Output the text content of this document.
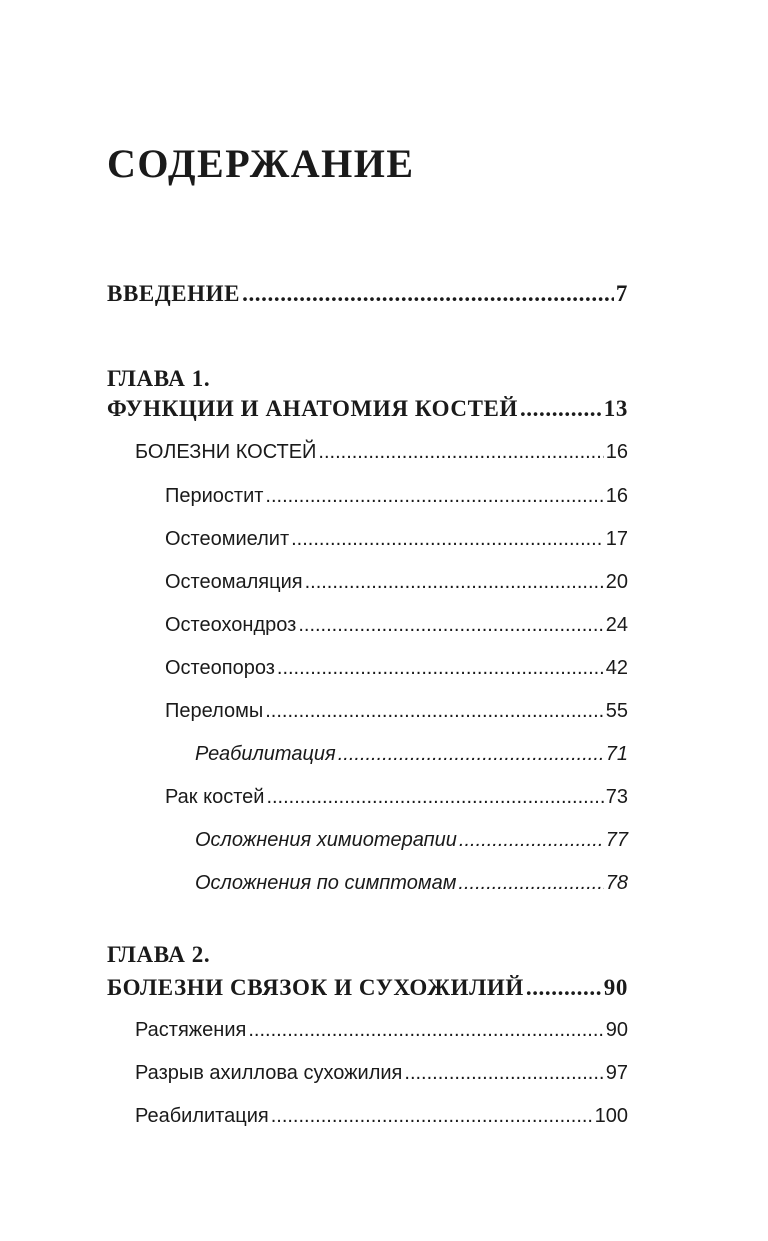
СОДЕРЖАНИЕ
ВВЕДЕНИЕ .....	7
ГЛАВА 1.
ФУНКЦИИ И АНАТОМИЯ КОСТЕЙ .....	13
БОЛЕЗНИ КОСТЕЙ .....	16
Периостит .....	16
Остеомиелит .....	17
Остеомаляция .....	20
Остеохондроз .....	24
Остеопороз .....	42
Переломы .....	55
Реабилитация .....	71
Рак костей .....	73
Осложнения химиотерапии .....	77
Осложнения по симптомам .....	78
ГЛАВА 2.
БОЛЕЗНИ СВЯЗОК И СУХОЖИЛИЙ .....	90
Растяжения .....	90
Разрыв ахиллова сухожилия .....	97
Реабилитация .....	100
